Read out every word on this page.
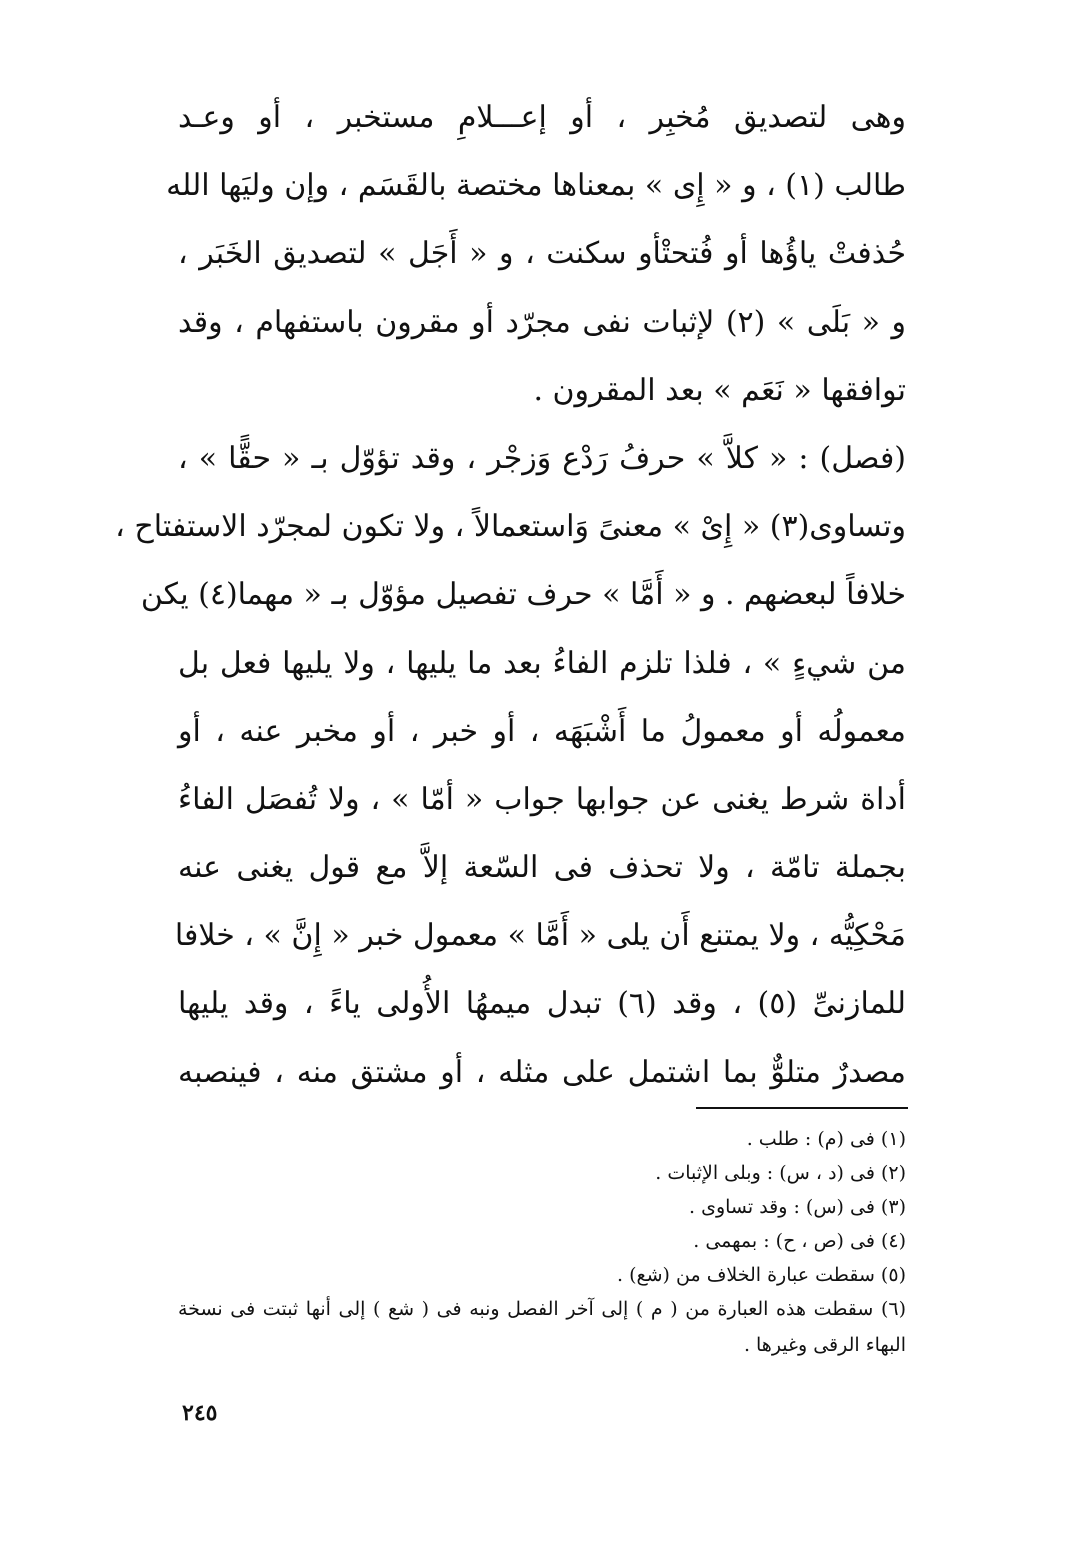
وهى لتصديق مُخبِر ، أو إعـــلامِ مستخبر ، أو وعـد
طالب (١) ، و « إِى » بمعناها مختصة بالقَسَم ، وإن وليَها الله
حُذفتْ ياؤُها أو فُتحتْأو سكنت ، و « أَجَل » لتصديق الخَبَر ،
و « بَلَى » (٢) لإثبات نفى مجرّد أو مقرون باستفهام ، وقد
توافقها « نَعَم » بعد المقرون .
(فصل) : « كلاَّ » حرفُ رَدْع وَزجْر ، وقد تؤوّل بـ « حقًّا » ،
وتساوى(٣) « إِىْ » معنىً وَاستعمالاً ، ولا تكون لمجرّد الاستفتاح ،
خلافاً لبعضهم . و « أَمَّا » حرف تفصيل مؤوّل بـ « مهما(٤) يكن
من شيءٍ » ، فلذا تلزم الفاءُ بعد ما يليها ، ولا يليها فعل بل
معمولُه أو معمولُ ما أَشْبَهَه ، أو خبر ، أو مخبر عنه ، أو
أداة شرط يغنى عن جوابها جواب « أمّا » ، ولا تُفصَل الفاءُ
بجملة تامّة ، ولا تحذف فى السّعة إلاَّ مع قول يغنى عنه
مَحْكِيُّه ، ولا يمتنع أَن يلى « أَمَّا » معمول خبر « إِنَّ » ، خلافا
للمازنىِّ (٥) ، وقد (٦) تبدل ميمهُا الأُولى ياءً ، وقد يليها
مصدرٌ متلوٌّ بما اشتمل على مثله ، أو مشتق منه ، فينصبه
(١) فى (م) : طلب .
(٢) فى (د ، س) : وبلى الإثبات .
(٣) فى (س) : وقد تساوى .
(٤) فى (ص ، ح) : بمهمى .
(٥) سقطت عبارة الخلاف من (شع) .
(٦) سقطت هذه العبارة من ( م ) إلى آخر الفصل ونبه فى ( شع ) إلى أنها ثبتت فى نسخة
البهاء الرقى وغيرها .
٢٤٥
